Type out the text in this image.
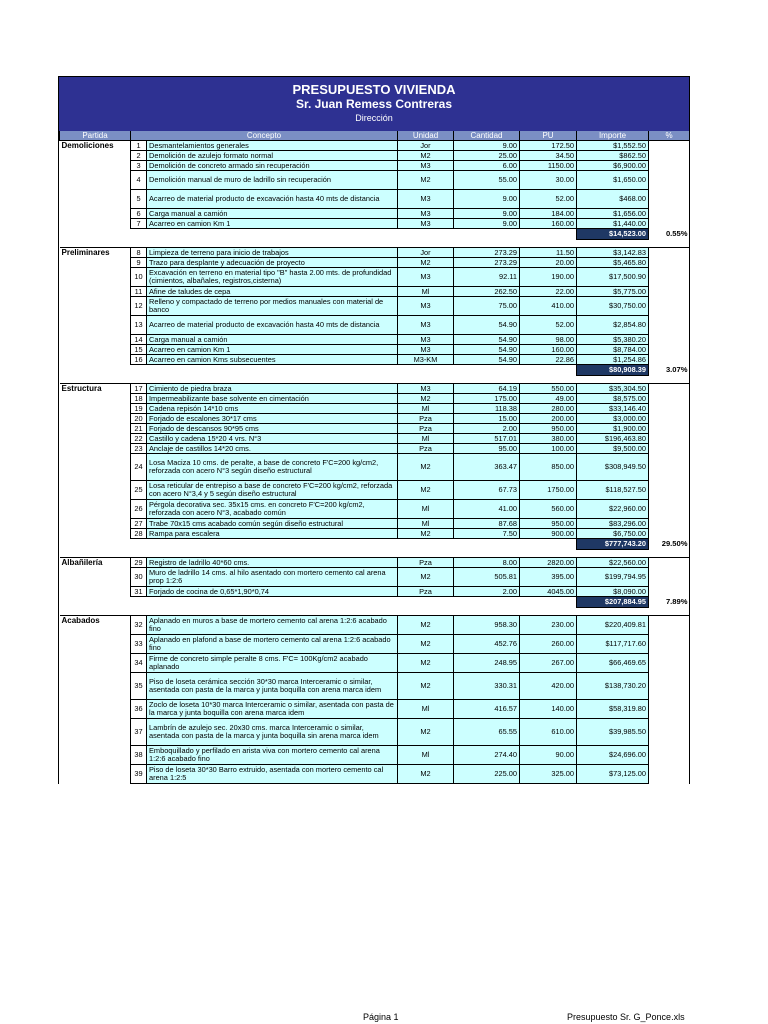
PRESUPUESTO VIVIENDA
Sr. Juan Remess Contreras
Dirección
Partida	Concepto		Unidad	Cantidad	PU	Importe	%
Demoliciones	1	Desmantelamientos generales	Jor	9.00	172.50	$1,552.50	
	2	Demolición de azulejo formato normal	M2	25.00	34.50	$862.50	
	3	Demolición de concreto armado sin recuperación	M3	6.00	1150.00	$6,900.00	
	4	Demolición manual de muro de ladrillo sin recuperación	M2	55.00	30.00	$1,650.00	
	5	Acarreo de material producto de excavación hasta 40 mts de distancia	M3	9.00	52.00	$468.00	
	6	Carga manual a camión	M3	9.00	184.00	$1,656.00	
	7	Acarreo en camion Km 1	M3	9.00	160.00	$1,440.00	
						$14,523.00	0.55%

Preliminares	8	Limpieza de terreno para inicio de trabajos	Jor	273.29	11.50	$3,142.83	
	9	Trazo para desplante y adecuación de proyecto	M2	273.29	20.00	$5,465.80	
	10	Excavación en terreno en material tipo "B" hasta 2.00 mts. de profundidad (cimientos, albañales, registros,cisterna)	M3	92.11	190.00	$17,500.90	
	11	Afine de taludes de cepa	Ml	262.50	22.00	$5,775.00	
	12	Relleno y compactado de terreno por medios manuales con material de banco	M3	75.00	410.00	$30,750.00	
	13	Acarreo de material producto de excavación hasta 40 mts de distancia	M3	54.90	52.00	$2,854.80	
	14	Carga manual a camión	M3	54.90	98.00	$5,380.20	
	15	Acarreo en camion Km 1	M3	54.90	160.00	$8,784.00	
	16	Acarreo en camion Kms subsecuentes	M3-KM	54.90	22.86	$1,254.86	
						$80,908.39	3.07%

Estructura	17	Cimiento de piedra braza	M3	64.19	550.00	$35,304.50	
	18	Impermeabilizante base solvente en cimentación	M2	175.00	49.00	$8,575.00	
	19	Cadena repisón 14*10 cms	Ml	118.38	280.00	$33,146.40	
	20	Forjado de escalones 30*17 cms	Pza	15.00	200.00	$3,000.00	
	21	Forjado de descansos 90*95 cms	Pza	2.00	950.00	$1,900.00	
	22	Castillo y cadena 15*20 4 vrs. N°3	Ml	517.01	380.00	$196,463.80	
	23	Anclaje de castillos 14*20 cms.	Pza	95.00	100.00	$9,500.00	
	24	Losa Maciza 10 cms. de peralte, a base de concreto F'C=200 kg/cm2, reforzada con acero N°3 según diseño estructural	M2	363.47	850.00	$308,949.50	
	25	Losa reticular de entrepiso a base de concreto F'C=200 kg/cm2, reforzada con acero N°3,4 y 5 según diseño estructural	M2	67.73	1750.00	$118,527.50	
	26	Pérgola decorativa sec. 35x15 cms. en concreto F'C=200 kg/cm2, reforzada con acero N°3, acabado común	Ml	41.00	560.00	$22,960.00	
	27	Trabe 70x15 cms acabado común según diseño estructural	Ml	87.68	950.00	$83,296.00	
	28	Rampa para escalera	M2	7.50	900.00	$6,750.00	
						$777,743.20	29.50%

Albañilería	29	Registro de ladrillo 40*60 cms.	Pza	8.00	2820.00	$22,560.00	
	30	Muro de ladrillo 14 cms. al hilo asentado con mortero cemento cal arena prop 1:2:6	M2	505.81	395.00	$199,794.95	
	31	Forjado de cocina de 0,65*1,90*0,74	Pza	2.00	4045.00	$8,090.00	
						$207,884.95	7.89%

Acabados	32	Aplanado en muros a base de mortero cemento cal arena 1:2:6 acabado fino	M2	958.30	230.00	$220,409.81	
	33	Aplanado en plafond a base de mortero cemento cal arena 1:2:6 acabado fino	M2	452.76	260.00	$117,717.60	
	34	Firme de concreto simple peralte 8 cms. F'C= 100Kg/cm2 acabado aplanado	M2	248.95	267.00	$66,469.65	
	35	Piso de loseta cerámica sección 30*30 marca Interceramic o similar, asentada con pasta de la marca y junta boquilla con arena marca idem	M2	330.31	420.00	$138,730.20	
	36	Zoclo de loseta 10*30 marca Interceramic o similar, asentada con pasta de la marca y junta boquilla con arena marca idem	Ml	416.57	140.00	$58,319.80	
	37	Lambrín de azulejo sec. 20x30 cms. marca Interceramic o similar, asentada con pasta de la marca y junta boquilla sin arena marca idem	M2	65.55	610.00	$39,985.50	
	38	Emboquillado y perfilado en arista viva con mortero cemento cal arena 1:2:6 acabado fino	Ml	274.40	90.00	$24,696.00	
	39	Piso de loseta 30*30 Barro extruido, asentada con mortero cemento cal arena 1:2:5	M2	225.00	325.00	$73,125.00	
Página 1	Presupuesto Sr. G_Ponce.xls
